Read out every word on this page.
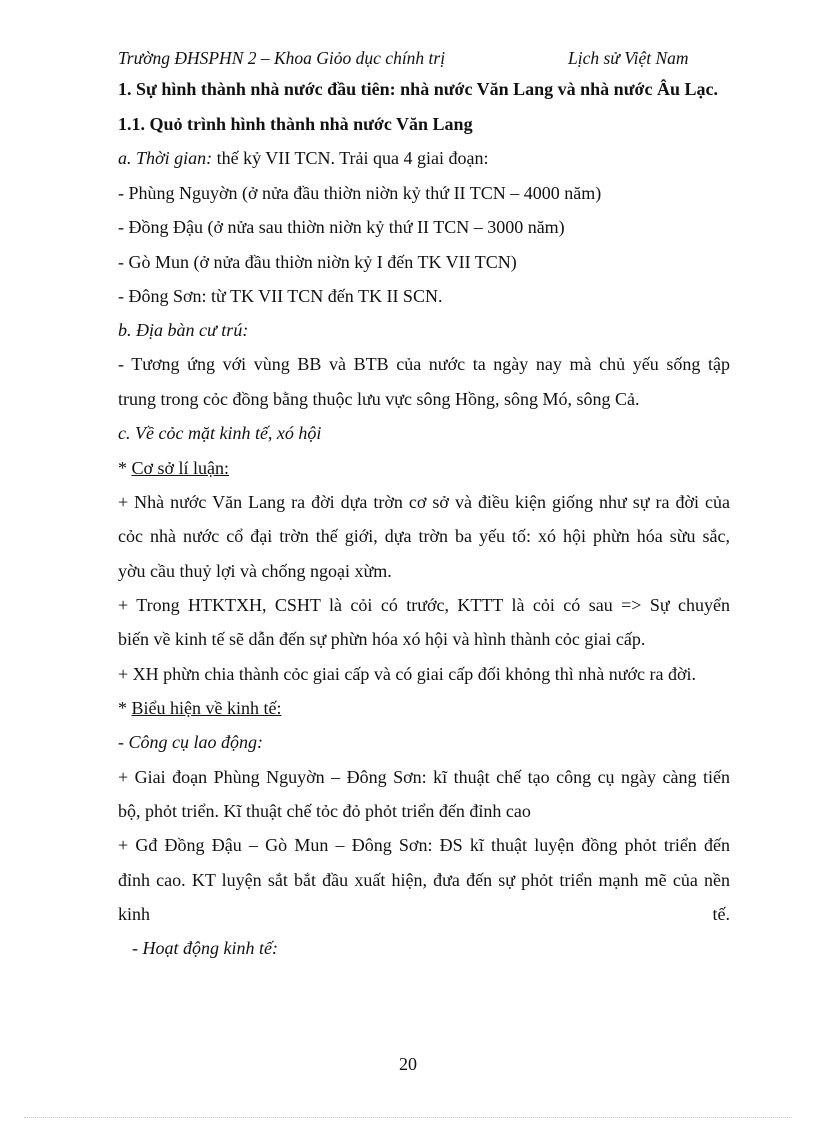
Trường ĐHSPHN 2 – Khoa Giỏo dục chính trị	Lịch sử Việt Nam
1. Sự hình thành nhà nước đầu tiên: nhà nước Văn Lang và nhà nước Âu Lạc.
1.1. Quỏ trình hình thành nhà nước Văn Lang
a. Thời gian: thế kỷ VII TCN. Trải qua 4 giai đoạn:
- Phùng Nguyờn (ở nửa đầu thiờn niờn kỷ thứ II TCN – 4000 năm)
- Đồng Đậu (ở nửa sau thiờn niờn kỷ thứ II TCN – 3000 năm)
- Gò Mun (ở nửa đầu thiờn niờn kỷ I đến TK VII TCN)
- Đông Sơn: từ TK VII TCN đến TK II SCN.
b. Địa bàn cư trú:
- Tương ứng với vùng BB và BTB của nước ta ngày nay mà chủ yếu sống tập
trung trong cỏc đồng bằng thuộc lưu vực sông Hồng, sông Mó, sông Cả.
c. Về cỏc mặt kinh tế, xó hội
* Cơ sở lí luận:
+ Nhà nước Văn Lang ra đời dựa trờn cơ sở và điều kiện giống như sự ra đời của
cỏc nhà nước cổ đại trờn thế giới, dựa trờn ba yếu tố: xó hội phừn hóa sừu sắc,
yờu cầu thuỷ lợi và chống ngoại xừm.
+ Trong HTKTXH, CSHT là cỏi có trước, KTTT là cỏi có sau => Sự chuyển
biến về kinh tế sẽ dẫn đến sự phừn hóa xó hội và hình thành cỏc giai cấp.
+ XH phừn chia thành cỏc giai cấp và có giai cấp đối khỏng thì nhà nước ra đời.
* Biểu hiện về kinh tế:
- Công cụ lao động:
+ Giai đoạn Phùng Nguyờn – Đông Sơn: kĩ thuật chế tạo công cụ ngày càng tiến
bộ, phỏt triển. Kĩ thuật chế tỏc đỏ phỏt triển đến đỉnh cao
+ Gđ Đồng Đậu – Gò Mun – Đông Sơn: ĐS kĩ thuật luyện đồng phỏt triển đến
đỉnh cao. KT luyện sắt bắt đầu xuất hiện, đưa đến sự phỏt triển mạnh mẽ của nền
kinh	tế.
- Hoạt động kinh tế:
20
